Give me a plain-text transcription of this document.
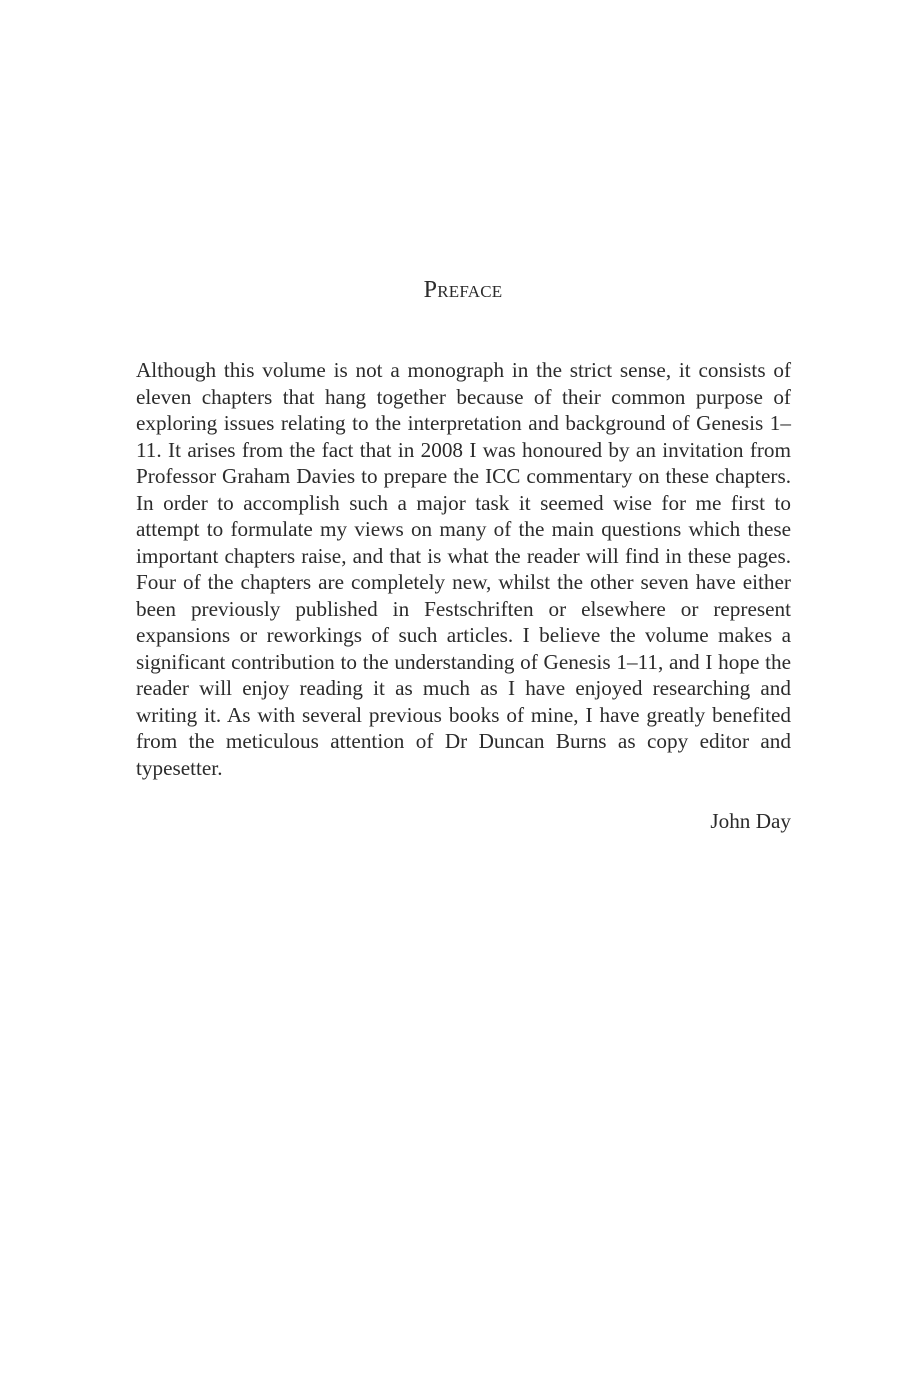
Preface

Although this volume is not a monograph in the strict sense, it consists of eleven chapters that hang together because of their common purpose of exploring issues relating to the interpretation and background of Genesis 1–11. It arises from the fact that in 2008 I was honoured by an invitation from Professor Graham Davies to prepare the ICC commentary on these chapters. In order to accomplish such a major task it seemed wise for me first to attempt to formulate my views on many of the main questions which these important chapters raise, and that is what the reader will find in these pages. Four of the chapters are completely new, whilst the other seven have either been previously published in Festschriften or elsewhere or represent expansions or reworkings of such articles. I believe the volume makes a significant contribution to the understanding of Genesis 1–11, and I hope the reader will enjoy reading it as much as I have enjoyed researching and writing it. As with several previous books of mine, I have greatly benefited from the meticulous attention of Dr Duncan Burns as copy editor and typesetter.

John Day
